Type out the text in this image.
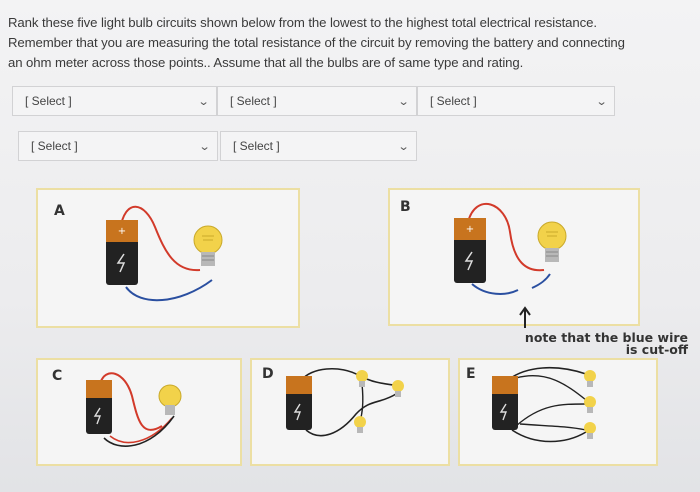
Rank these five light bulb circuits shown below from the lowest to the highest total electrical resistance.

Remember that you are measuring the total resistance of the circuit by removing the battery and connecting

an ohm meter across those points.. Assume that all the bulbs are of same type and rating.

[ Select ]	⌄ [ Select ]	⌄ [ Select ]	⌄
[ Select ]	⌄ [ Select ]	⌄
A
+
B
+
note that the blue wire
is cut-off
C	D	E
